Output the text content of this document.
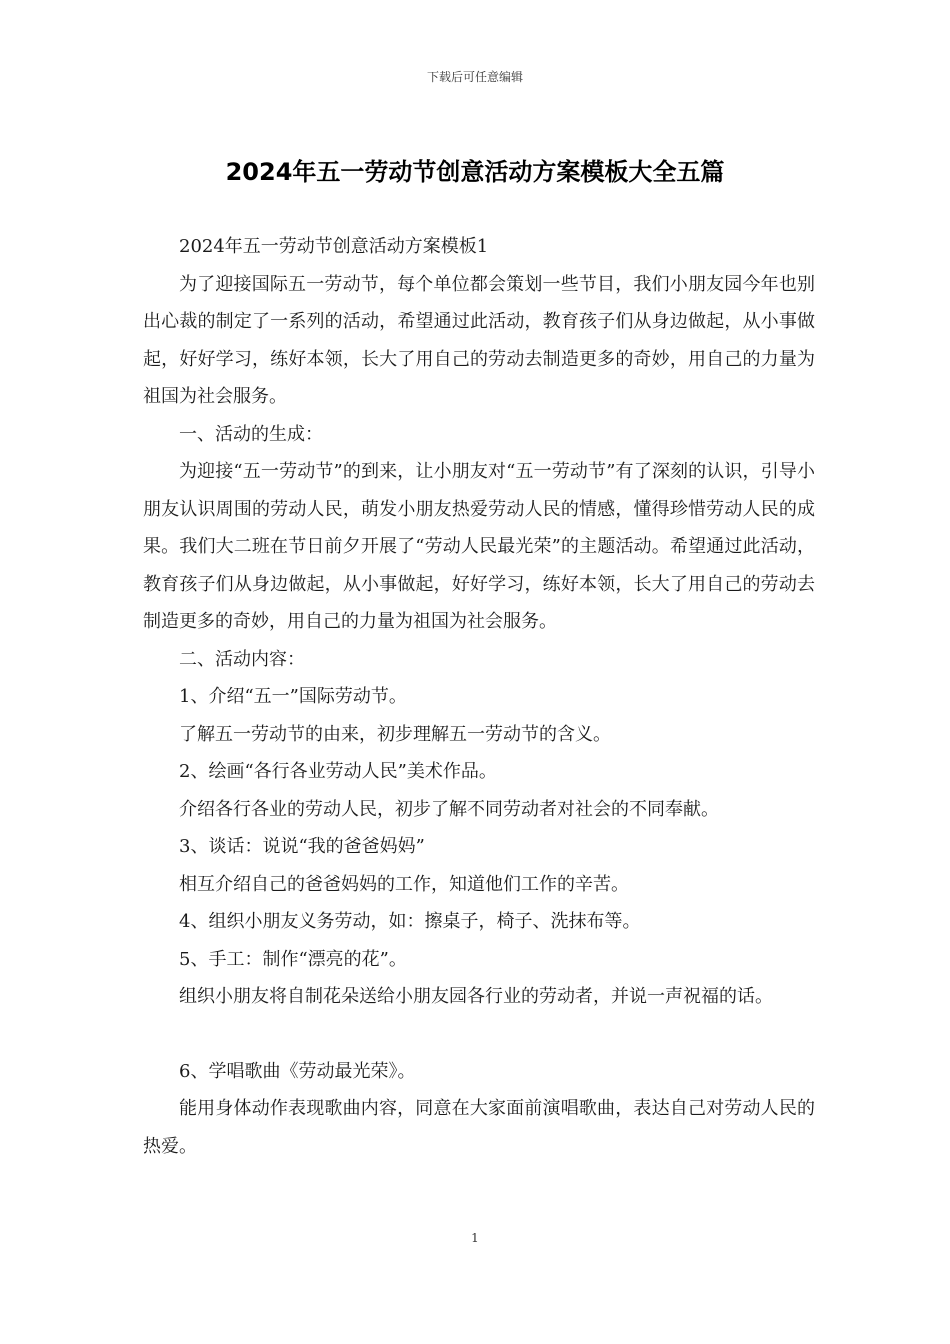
下载后可任意编辑
2024年五一劳动节创意活动方案模板大全五篇

2024年五一劳动节创意活动方案模板1

为了迎接国际五一劳动节，每个单位都会策划一些节目，我们小朋友园今年也别出心裁的制定了一系列的活动，希望通过此活动，教育孩子们从身边做起，从小事做起，好好学习，练好本领，长大了用自己的劳动去制造更多的奇妙，用自己的力量为祖国为社会服务。

一、活动的生成：

为迎接“五一劳动节”的到来，让小朋友对“五一劳动节”有了深刻的认识，引导小朋友认识周围的劳动人民，萌发小朋友热爱劳动人民的情感，懂得珍惜劳动人民的成果。我们大二班在节日前夕开展了“劳动人民最光荣”的主题活动。希望通过此活动，教育孩子们从身边做起，从小事做起，好好学习，练好本领，长大了用自己的劳动去制造更多的奇妙，用自己的力量为祖国为社会服务。

二、活动内容：

1、介绍“五一”国际劳动节。

了解五一劳动节的由来，初步理解五一劳动节的含义。

2、绘画“各行各业劳动人民”美术作品。

介绍各行各业的劳动人民，初步了解不同劳动者对社会的不同奉献。

3、谈话：说说“我的爸爸妈妈”

相互介绍自己的爸爸妈妈的工作，知道他们工作的辛苦。

4、组织小朋友义务劳动，如：擦桌子，椅子、洗抹布等。

5、手工：制作“漂亮的花”。

组织小朋友将自制花朵送给小朋友园各行业的劳动者，并说一声祝福的话。

6、学唱歌曲《劳动最光荣》。

能用身体动作表现歌曲内容，同意在大家面前演唱歌曲，表达自己对劳动人民的热爱。

1
